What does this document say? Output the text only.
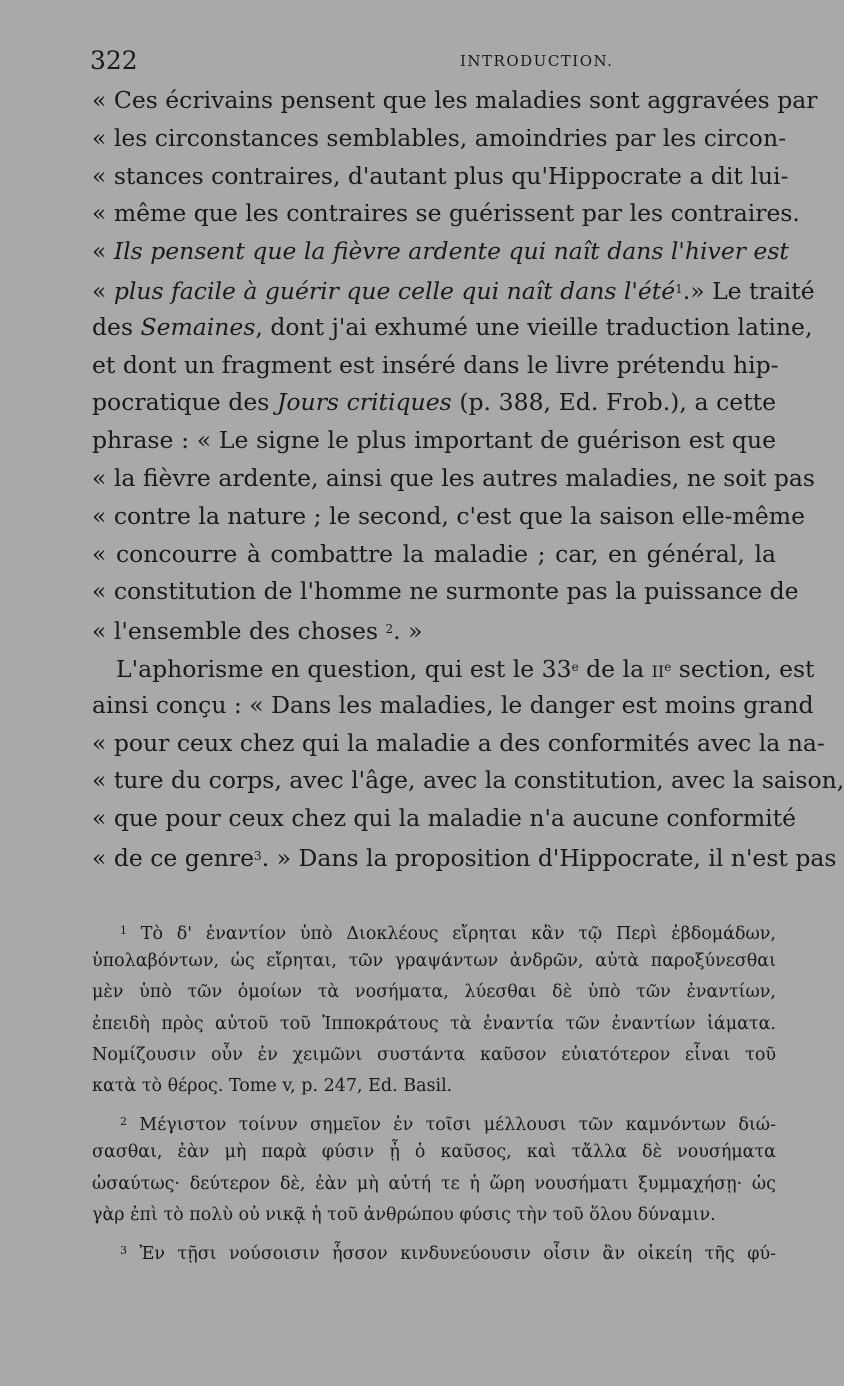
322	INTRODUCTION.
« Ces écrivains pensent que les maladies sont aggravées par
« les circonstances semblables, amoindries par les circon-
« stances contraires, d'autant plus qu'Hippocrate a dit lui-
« même que les contraires se guérissent par les contraires.
« Ils pensent que la fièvre ardente qui naît dans l'hiver est
« plus facile à guérir que celle qui naît dans l'été$^1$.» Le traité
des Semaines, dont j'ai exhumé une vieille traduction latine,
et dont un fragment est inséré dans le livre prétendu hip-
pocratique des Jours critiques (p. 388, Ed. Frob.), a cette
phrase : « Le signe le plus important de guérison est que
« la fièvre ardente, ainsi que les autres maladies, ne soit pas
« contre la nature ; le second, c'est que la saison elle-même
« concourre à combattre la maladie ; car, en général, la
« constitution de l'homme ne surmonte pas la puissance de
« l'ensemble des choses $^2$. »
L'aphorisme en question, qui est le 33e de la $ii^e$ section, est
ainsi conçu : « Dans les maladies, le danger est moins grand
« pour ceux chez qui la maladie a des conformités avec la na-
« ture du corps, avec l'âge, avec la constitution, avec la saison,
« que pour ceux chez qui la maladie n'a aucune conformité
« de ce genre$^3$. » Dans la proposition d'Hippocrate, il n'est pas
$^1$ Τὸ δ' ἐναντίον ὑπὸ Διοκλέους εἴρηται κἂν τῷ Περὶ ἑβδομάδων,
ὑπολαβόντων, ὡς εἴρηται, τῶν γραψάντων ἀνδρῶν, αὐτὰ παροξύνεσθαι
μὲν ὑπὸ τῶν ὁμοίων τὰ νοσήματα, λύεσθαι δὲ ὑπὸ τῶν ἐναντίων,
ἐπειδὴ πρὸς αὐτοῦ τοῦ Ἱπποκράτους τὰ ἐναντία τῶν ἐναντίων ἰάματα.
Νομίζουσιν οὖν ἐν χειμῶνι συστάντα καῦσον εὐιατότερον εἶναι τοῦ
κατὰ τὸ θέρος. Tome v, p. 247, Ed. Basil.
$^2$ Μέγιστον τοίνυν σημεῖον ἐν τοῖσι μέλλουσι τῶν καμνόντων διώ-
σασθαι, ἐὰν μὴ παρὰ φύσιν ᾖ ὁ καῦσος, καὶ τἄλλα δὲ νουσήματα
ὡσαύτως· δεύτερον δὲ, ἐὰν μὴ αὐτή τε ἡ ὥρη νουσήματι ξυμμαχήσῃ· ὡς
γὰρ ἐπὶ τὸ πολὺ οὐ νικᾷ ἡ τοῦ ἀνθρώπου φύσις τὴν τοῦ ὅλου δύναμιν.
$^3$ Ἐν τῇσι νούσοισιν ἧσσον κινδυνεύουσιν οἷσιν ἂν οἰκείη τῆς φύ-
